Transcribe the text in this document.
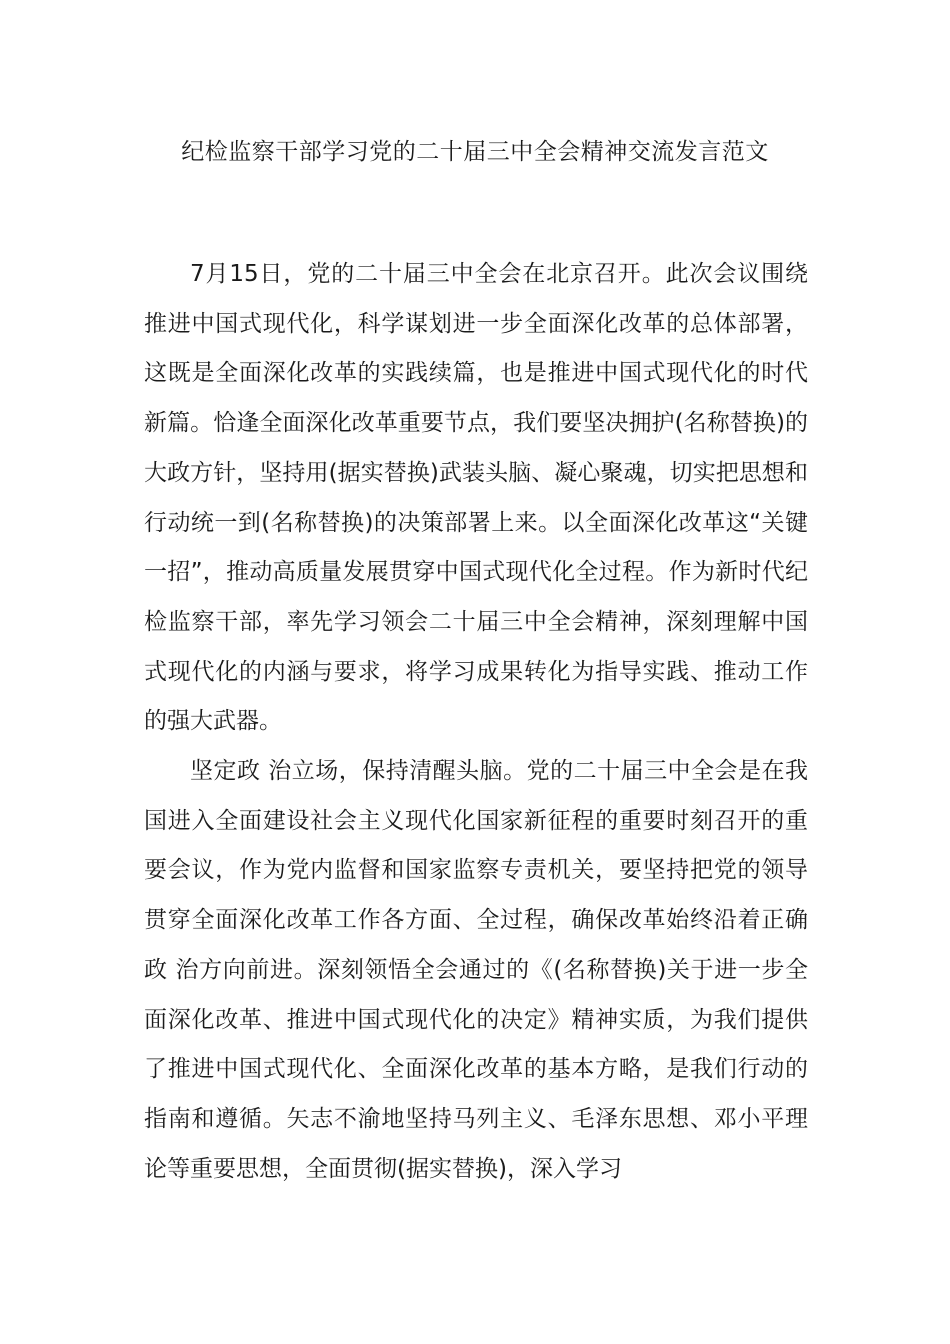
纪检监察干部学习党的二十届三中全会精神交流发言范文

7月15日，党的二十届三中全会在北京召开。此次会议围绕推进中国式现代化，科学谋划进一步全面深化改革的总体部署，这既是全面深化改革的实践续篇，也是推进中国式现代化的时代新篇。恰逢全面深化改革重要节点，我们要坚决拥护(名称替换)的大政方针，坚持用(据实替换)武装头脑、凝心聚魂，切实把思想和行动统一到(名称替换)的决策部署上来。以全面深化改革这“关键一招”，推动高质量发展贯穿中国式现代化全过程。作为新时代纪检监察干部，率先学习领会二十届三中全会精神，深刻理解中国式现代化的内涵与要求，将学习成果转化为指导实践、推动工作的强大武器。

坚定政 治立场，保持清醒头脑。党的二十届三中全会是在我国进入全面建设社会主义现代化国家新征程的重要时刻召开的重要会议，作为党内监督和国家监察专责机关，要坚持把党的领导贯穿全面深化改革工作各方面、全过程，确保改革始终沿着正确政 治方向前进。深刻领悟全会通过的《(名称替换)关于进一步全面深化改革、推进中国式现代化的决定》精神实质，为我们提供了推进中国式现代化、全面深化改革的基本方略，是我们行动的指南和遵循。矢志不渝地坚持马列主义、毛泽东思想、邓小平理论等重要思想，全面贯彻(据实替换)，深入学习
